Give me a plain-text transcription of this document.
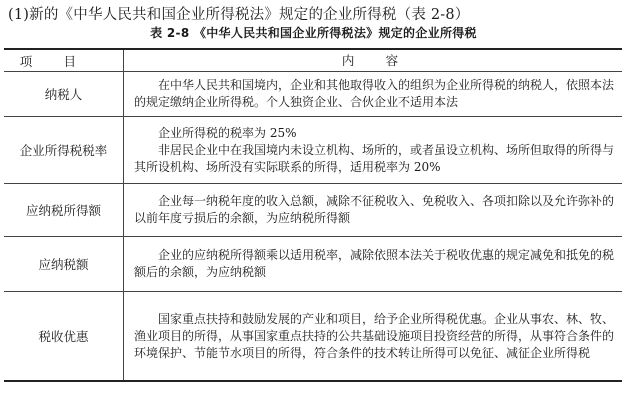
(1)新的《中华人民共和国企业所得税法》规定的企业所得税（表 2-8）
表 2-8 《中华人民共和国企业所得税法》规定的企业所得税
项目	内容
纳税人
在中华人民共和国境内，企业和其他取得收入的组织为企业所得税的纳税人，依照本法的规定缴纳企业所得税。个人独资企业、合伙企业不适用本法
企业所得税税率
企业所得税的税率为 25%
非居民企业中在我国境内未设立机构、场所的，或者虽设立机构、场所但取得的所得与其所设机构、场所没有实际联系的所得，适用税率为 20%
应纳税所得额
企业每一纳税年度的收入总额，减除不征税收入、免税收入、各项扣除以及允许弥补的以前年度亏损后的余额，为应纳税所得额
应纳税额
企业的应纳税所得额乘以适用税率，减除依照本法关于税收优惠的规定减免和抵免的税额后的余额，为应纳税额
税收优惠
国家重点扶持和鼓励发展的产业和项目，给予企业所得税优惠。企业从事农、林、牧、渔业项目的所得，从事国家重点扶持的公共基础设施项目投资经营的所得，从事符合条件的环境保护、节能节水项目的所得，符合条件的技术转让所得可以免征、减征企业所得税
